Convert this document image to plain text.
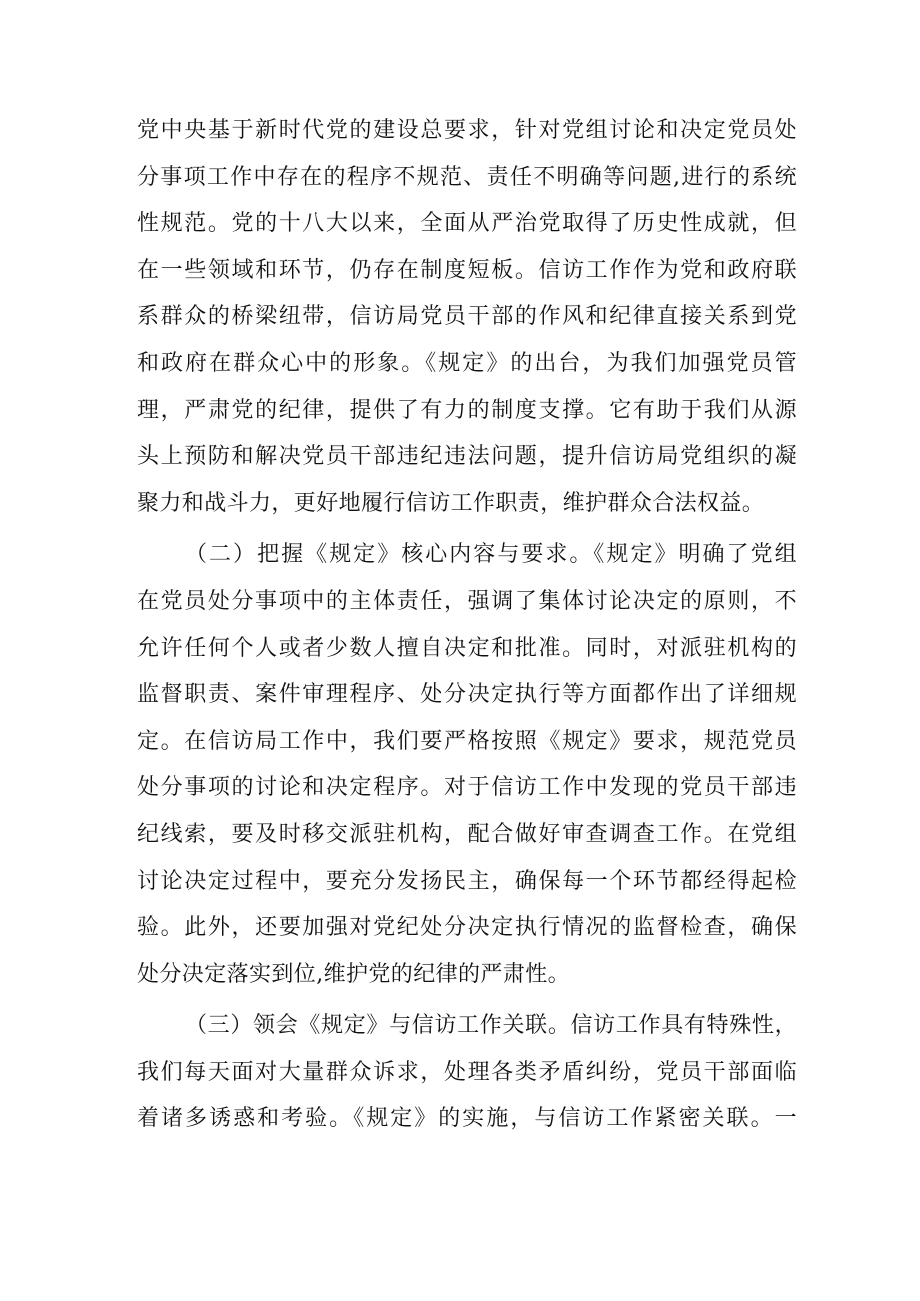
党中央基于新时代党的建设总要求，针对党组讨论和决定党员处
分事项工作中存在的程序不规范、责任不明确等问题,进行的系统
性规范。党的十八大以来，全面从严治党取得了历史性成就，但
在一些领域和环节，仍存在制度短板。信访工作作为党和政府联
系群众的桥梁纽带，信访局党员干部的作风和纪律直接关系到党
和政府在群众心中的形象。《规定》的出台，为我们加强党员管
理，严肃党的纪律，提供了有力的制度支撑。它有助于我们从源
头上预防和解决党员干部违纪违法问题，提升信访局党组织的凝
聚力和战斗力，更好地履行信访工作职责，维护群众合法权益。
（二）把握《规定》核心内容与要求。《规定》明确了党组
在党员处分事项中的主体责任，强调了集体讨论决定的原则，不
允许任何个人或者少数人擅自决定和批准。同时，对派驻机构的
监督职责、案件审理程序、处分决定执行等方面都作出了详细规
定。在信访局工作中，我们要严格按照《规定》要求，规范党员
处分事项的讨论和决定程序。对于信访工作中发现的党员干部违
纪线索，要及时移交派驻机构，配合做好审查调查工作。在党组
讨论决定过程中，要充分发扬民主，确保每一个环节都经得起检
验。此外，还要加强对党纪处分决定执行情况的监督检查，确保
处分决定落实到位,维护党的纪律的严肃性。
（三）领会《规定》与信访工作关联。信访工作具有特殊性，
我们每天面对大量群众诉求，处理各类矛盾纠纷，党员干部面临
着诸多诱惑和考验。《规定》的实施，与信访工作紧密关联。一
